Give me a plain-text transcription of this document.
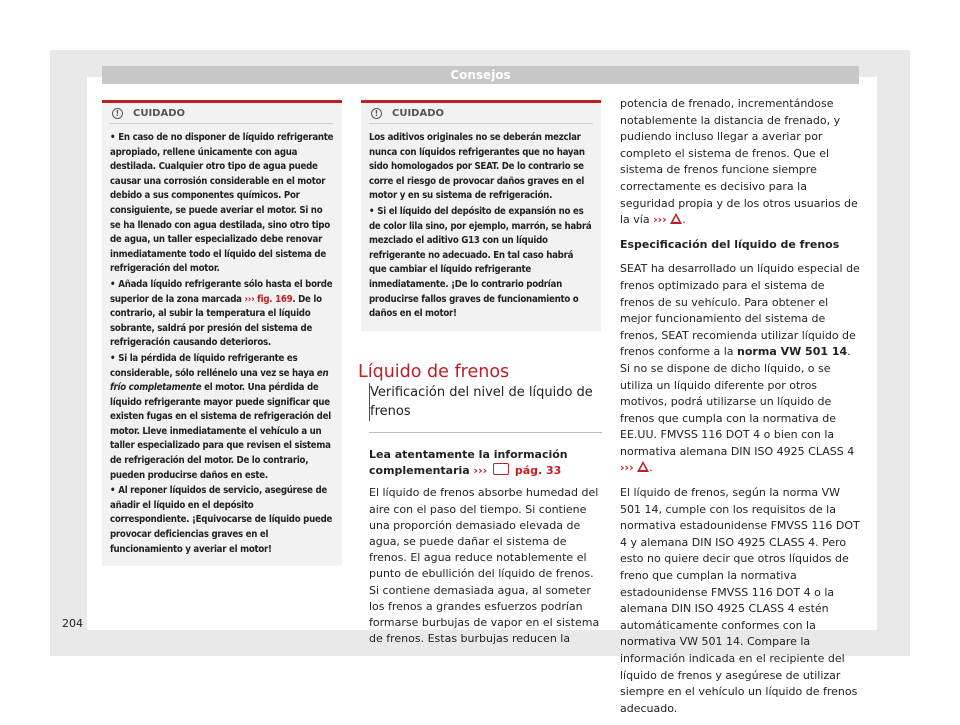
Consejos
!	CUIDADO

• En caso de no disponer de líquido refrigerante apropiado, rellene únicamente con agua destilada. Cualquier otro tipo de agua puede causar una corrosión considerable en el motor debido a sus componentes químicos. Por consiguiente, se puede averiar el motor. Si no se ha llenado con agua destilada, sino otro tipo de agua, un taller especializado debe renovar inmediatamente todo el líquido del sistema de refrigeración del motor.

• Añada líquido refrigerante sólo hasta el borde superior de la zona marcada ››› fig. 169. De lo contrario, al subir la temperatura el líquido sobrante, saldrá por presión del sistema de refrigeración causando deterioros.

• Si la pérdida de líquido refrigerante es considerable, sólo rellénelo una vez se haya en frío completamente el motor. Una pérdida de líquido refrigerante mayor puede significar que existen fugas en el sistema de refrigeración del motor. Lleve inmediatamente el vehículo a un taller especializado para que revisen el sistema de refrigeración del motor. De lo contrario, pueden producirse daños en este.

• Al reponer líquidos de servicio, asegúrese de añadir el líquido en el depósito correspondiente. ¡Equivocarse de líquido puede provocar deficiencias graves en el funcionamiento y averiar el motor!

!	CUIDADO

Los aditivos originales no se deberán mezclar nunca con líquidos refrigerantes que no hayan sido homologados por SEAT. De lo contrario se corre el riesgo de provocar daños graves en el motor y en su sistema de refrigeración.

• Si el líquido del depósito de expansión no es de color lila sino, por ejemplo, marrón, se habrá mezclado el aditivo G13 con un líquido refrigerante no adecuado. En tal caso habrá que cambiar el líquido refrigerante inmediatamente. ¡De lo contrario podrían producirse fallos graves de funcionamiento o daños en el motor!

Líquido de frenos
Verificación del nivel de líquido de frenos

Lea atentamente la información complementaria ›››	pág. 33

El líquido de frenos absorbe humedad del aire con el paso del tiempo. Si contiene una proporción demasiado elevada de agua, se puede dañar el sistema de frenos. El agua reduce notablemente el punto de ebullición del líquido de frenos. Si contiene demasiada agua, al someter los frenos a grandes esfuerzos podrían formarse burbujas de vapor en el sistema de frenos. Estas burbujas reducen la

potencia de frenado, incrementándose notablemente la distancia de frenado, y pudiendo incluso llegar a averiar por completo el sistema de frenos. Que el sistema de frenos funcione siempre correctamente es decisivo para la seguridad propia y de los otros usuarios de la vía ››› .

Especificación del líquido de frenos

SEAT ha desarrollado un líquido especial de frenos optimizado para el sistema de frenos de su vehículo. Para obtener el mejor funcionamiento del sistema de frenos, SEAT recomienda utilizar líquido de frenos conforme a la norma VW 501 14. Si no se dispone de dicho líquido, o se utiliza un líquido diferente por otros motivos, podrá utilizarse un líquido de frenos que cumpla con la normativa de EE.UU. FMVSS 116 DOT 4 o bien con la normativa alemana DIN ISO 4925 CLASS 4 ››› .

El líquido de frenos, según la norma VW 501 14, cumple con los requisitos de la normativa estadounidense FMVSS 116 DOT 4 y alemana DIN ISO 4925 CLASS 4. Pero esto no quiere decir que otros líquidos de freno que cumplan la normativa estadounidense FMVSS 116 DOT 4 o la alemana DIN ISO 4925 CLASS 4 estén automáticamente conformes con la normativa VW 501 14. Compare la información indicada en el recipiente del líquido de frenos y asegúrese de utilizar siempre en el vehículo un líquido de frenos adecuado.

204
